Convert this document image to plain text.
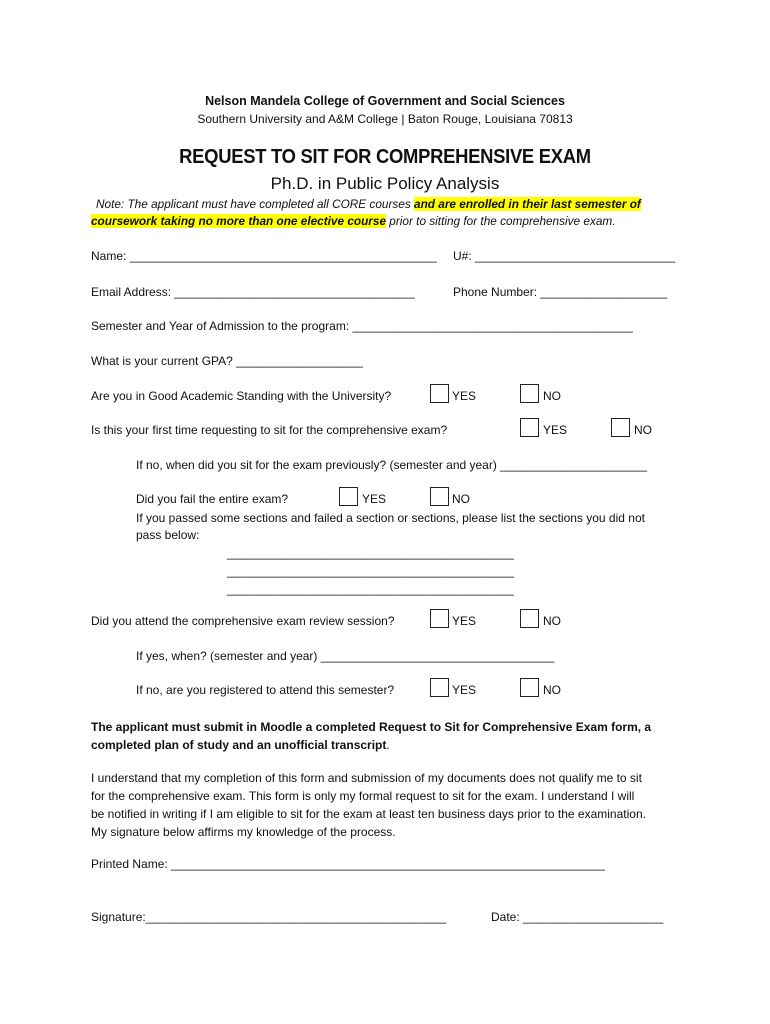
Nelson Mandela College of Government and Social Sciences
Southern University and A&M College | Baton Rouge, Louisiana 70813
REQUEST TO SIT FOR COMPREHENSIVE EXAM
Ph.D. in Public Policy Analysis
Note: The applicant must have completed all CORE courses and are enrolled in their last semester of
coursework taking no more than one elective course prior to sitting for the comprehensive exam.
Name: ______________________________________________ U#: ______________________________
Email Address: ____________________________________	Phone Number: ___________________
Semester and Year of Admission to the program: __________________________________________
What is your current GPA? ___________________
Are you in Good Academic Standing with the University?	YES	NO
Is this your first time requesting to sit for the comprehensive exam?	YES	NO
If no, when did you sit for the exam previously? (semester and year) ______________________
Did you fail the entire exam?	YES	NO
If you passed some sections and failed a section or sections, please list the sections you did not
pass below:
___________________________________________
___________________________________________
___________________________________________
Did you attend the comprehensive exam review session?	YES	NO
If yes, when? (semester and year) ___________________________________
If no, are you registered to attend this semester?	YES	NO
The applicant must submit in Moodle a completed Request to Sit for Comprehensive Exam form, a
completed plan of study and an unofficial transcript.
I understand that my completion of this form and submission of my documents does not qualify me to sit
for the comprehensive exam. This form is only my formal request to sit for the exam. I understand I will
be notified in writing if I am eligible to sit for the exam at least ten business days prior to the examination.
My signature below affirms my knowledge of the process.
Printed Name: _________________________________________________________________
Signature:_____________________________________________	Date: _____________________
